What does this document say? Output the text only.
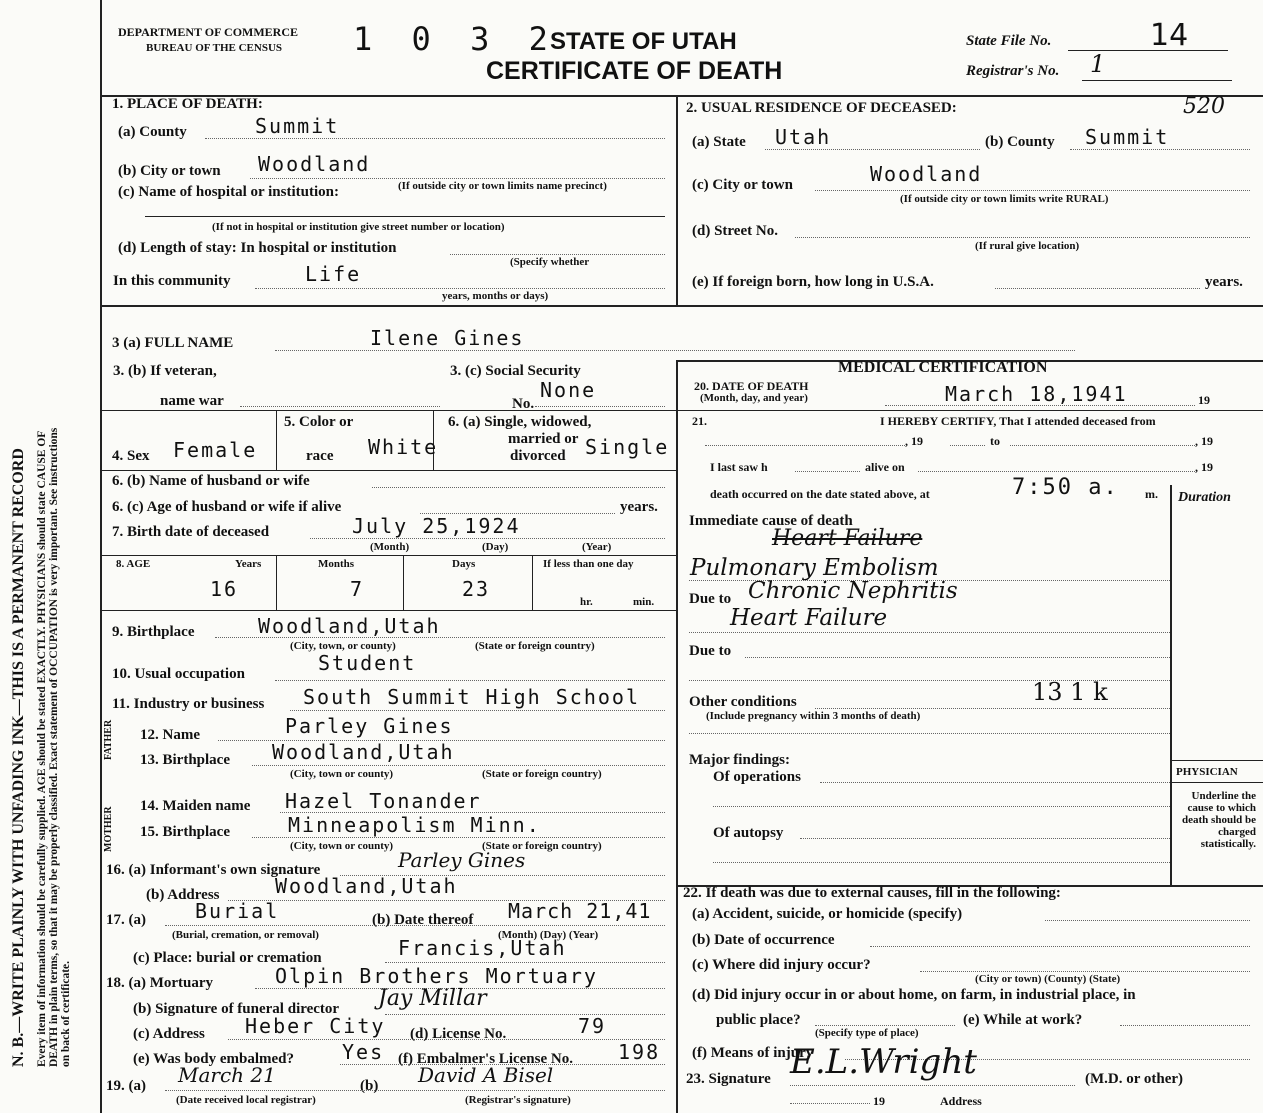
N. B.—WRITE PLAINLY WITH UNFADING INK—THIS IS A PERMANENT RECORD Every item of information should be carefully supplied. AGE should be stated EXACTLY. PHYSICIANS should state CAUSE OF DEATH in plain terms, so that it may be properly classified. Exact statement of OCCUPATION is very important. See instructions on back of certificate.
DEPARTMENT OF COMMERCE
BUREAU OF THE CENSUS 1 0 3 2
STATE OF UTAH
CERTIFICATE OF DEATH
State File No.	14
Registrar's No. 1
1. PLACE OF DEATH:
(a) County	Summit
(b) City or town Woodland
(c) Name of hospital or institution:	(If outside city or town limits name precinct)
(If not in hospital or institution give street number or location)
(d) Length of stay: In hospital or institution
(Specify whether
In this community	Life
years, months or days)
2. USUAL RESIDENCE OF DECEASED:	520
(a) State Utah	(b) County Summit
(c) City or town	Woodland
(If outside city or town limits write RURAL)
(d) Street No.
(If rural give location)
(e) If foreign born, how long in U.S.A.	years.
3 (a) FULL NAME	Ilene Gines
3. (b) If veteran,
name war
3. (c) Social Security
No.
None
4. Sex Female
5. Color or
race White
6. (a) Single, widowed,
married or
divorced Single
6. (b) Name of husband or wife
6. (c) Age of husband or wife if alive	years.
7. Birth date of deceased	July 25,1924
(Month)	(Day)	(Year)
8. AGE	Years	Months	Days	If less than one day
16	7	23
hr.	min.
9. Birthplace	Woodland,Utah
(City, town, or county)	(State or foreign country)
10. Usual occupation	Student
11. Industry or business South Summit High School
FATHER 12. Name	Parley Gines
13. Birthplace Woodland,Utah
(City, town or county)	(State or foreign country)
MOTHER
14. Maiden name Hazel Tonander
15. Birthplace	Minneapolism Minn.
(City, town or county)	(State or foreign country)
16. (a) Informant's own signature	Parley Gines
(b) Address	Woodland,Utah
17. (a) Burial	(b) Date thereof March 21,41
(Burial, cremation, or removal)	(Month) (Day) (Year)
(c) Place: burial or cremation	Francis,Utah
18. (a) Mortuary	Olpin Brothers Mortuary
(b) Signature of funeral director Jay Millar
(c) Address Heber City (d) License No.	79
(e) Was body embalmed? Yes (f) Embalmer's License No. 198
19. (a) March 21	(b) David A Bisel
(Date received local registrar)	(Registrar's signature)
MEDICAL CERTIFICATION
20. DATE OF DEATH
(Month, day, and year)	March 18,1941	19
21.	I HEREBY CERTIFY, That I attended deceased from
, 19	to	, 19
I last saw h	alive on	, 19
death occurred on the date stated above, at	7:50 a. m. Duration
Immediate cause of death
Heart Failure
Pulmonary Embolism
Due to Chronic Nephritis
Heart Failure
Due to
Other conditions
(Include pregnancy within 3 months of death)
13 1 k
Major findings:
Of operations
Of autopsy
PHYSICIAN
Underline the cause to which death should be charged statistically.
22. If death was due to external causes, fill in the following:
(a) Accident, suicide, or homicide (specify)
(b) Date of occurrence
(c) Where did injury occur?
(City or town) (County) (State)
(d) Did injury occur in or about home, on farm, in industrial place, in
public place?
(Specify type of place)
(e) While at work?
(f) Means of injury
23. Signature E.L.Wright	(M.D. or other)
19	Address
